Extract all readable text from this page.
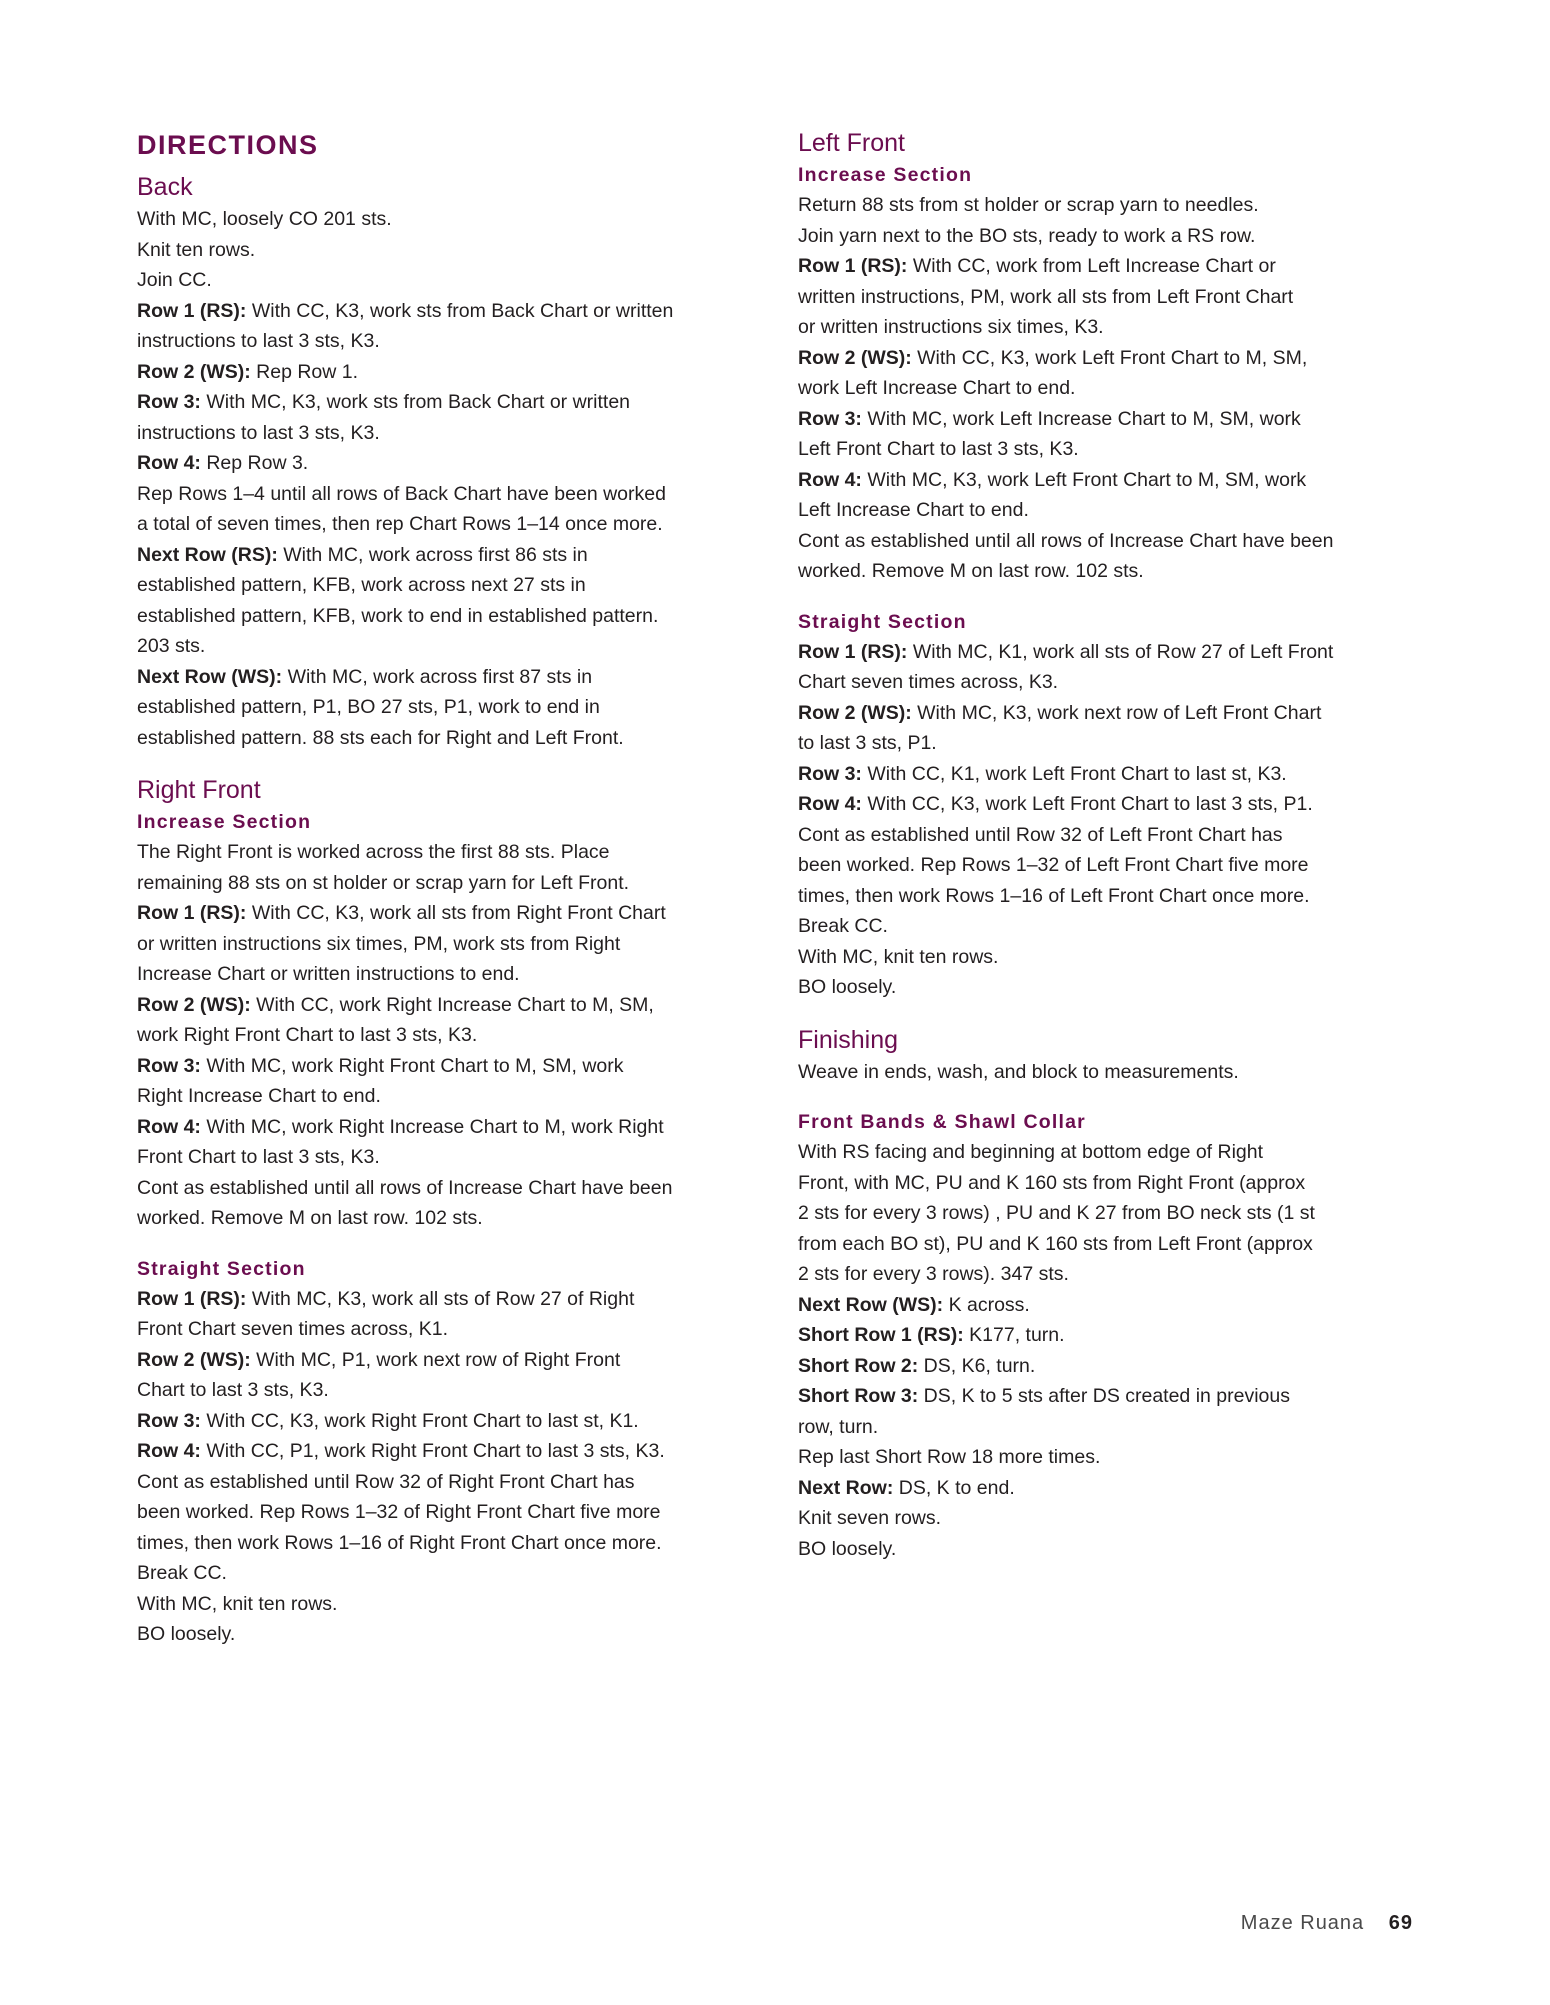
DIRECTIONS
Back
With MC, loosely CO 201 sts.
Knit ten rows.
Join CC.
Row 1 (RS): With CC, K3, work sts from Back Chart or written
instructions to last 3 sts, K3.
Row 2 (WS): Rep Row 1.
Row 3: With MC, K3, work sts from Back Chart or written
instructions to last 3 sts, K3.
Row 4: Rep Row 3.
Rep Rows 1–4 until all rows of Back Chart have been worked
a total of seven times, then rep Chart Rows 1–14 once more.
Next Row (RS): With MC, work across first 86 sts in
established pattern, KFB, work across next 27 sts in
established pattern, KFB, work to end in established pattern.
203 sts.
Next Row (WS): With MC, work across first 87 sts in
established pattern, P1, BO 27 sts, P1, work to end in
established pattern. 88 sts each for Right and Left Front.
Right Front
Increase Section
The Right Front is worked across the first 88 sts. Place
remaining 88 sts on st holder or scrap yarn for Left Front.
Row 1 (RS): With CC, K3, work all sts from Right Front Chart
or written instructions six times, PM, work sts from Right
Increase Chart or written instructions to end.
Row 2 (WS): With CC, work Right Increase Chart to M, SM,
work Right Front Chart to last 3 sts, K3.
Row 3: With MC, work Right Front Chart to M, SM, work
Right Increase Chart to end.
Row 4: With MC, work Right Increase Chart to M, work Right
Front Chart to last 3 sts, K3.
Cont as established until all rows of Increase Chart have been
worked. Remove M on last row. 102 sts.
Straight Section
Row 1 (RS): With MC, K3, work all sts of Row 27 of Right
Front Chart seven times across, K1.
Row 2 (WS): With MC, P1, work next row of Right Front
Chart to last 3 sts, K3.
Row 3: With CC, K3, work Right Front Chart to last st, K1.
Row 4: With CC, P1, work Right Front Chart to last 3 sts, K3.
Cont as established until Row 32 of Right Front Chart has
been worked. Rep Rows 1–32 of Right Front Chart five more
times, then work Rows 1–16 of Right Front Chart once more.
Break CC.
With MC, knit ten rows.
BO loosely.
Left Front
Increase Section
Return 88 sts from st holder or scrap yarn to needles.
Join yarn next to the BO sts, ready to work a RS row.
Row 1 (RS): With CC, work from Left Increase Chart or
written instructions, PM, work all sts from Left Front Chart
or written instructions six times, K3.
Row 2 (WS): With CC, K3, work Left Front Chart to M, SM,
work Left Increase Chart to end.
Row 3: With MC, work Left Increase Chart to M, SM, work
Left Front Chart to last 3 sts, K3.
Row 4: With MC, K3, work Left Front Chart to M, SM, work
Left Increase Chart to end.
Cont as established until all rows of Increase Chart have been
worked. Remove M on last row. 102 sts.
Straight Section
Row 1 (RS): With MC, K1, work all sts of Row 27 of Left Front
Chart seven times across, K3.
Row 2 (WS): With MC, K3, work next row of Left Front Chart
to last 3 sts, P1.
Row 3: With CC, K1, work Left Front Chart to last st, K3.
Row 4: With CC, K3, work Left Front Chart to last 3 sts, P1.
Cont as established until Row 32 of Left Front Chart has
been worked. Rep Rows 1–32 of Left Front Chart five more
times, then work Rows 1–16 of Left Front Chart once more.
Break CC.
With MC, knit ten rows.
BO loosely.
Finishing
Weave in ends, wash, and block to measurements.
Front Bands & Shawl Collar
With RS facing and beginning at bottom edge of Right
Front, with MC, PU and K 160 sts from Right Front (approx
2 sts for every 3 rows) , PU and K 27 from BO neck sts (1 st
from each BO st), PU and K 160 sts from Left Front (approx
2 sts for every 3 rows). 347 sts.
Next Row (WS): K across.
Short Row 1 (RS): K177, turn.
Short Row 2: DS, K6, turn.
Short Row 3: DS, K to 5 sts after DS created in previous
row, turn.
Rep last Short Row 18 more times.
Next Row: DS, K to end.
Knit seven rows.
BO loosely.
Maze Ruana 69
